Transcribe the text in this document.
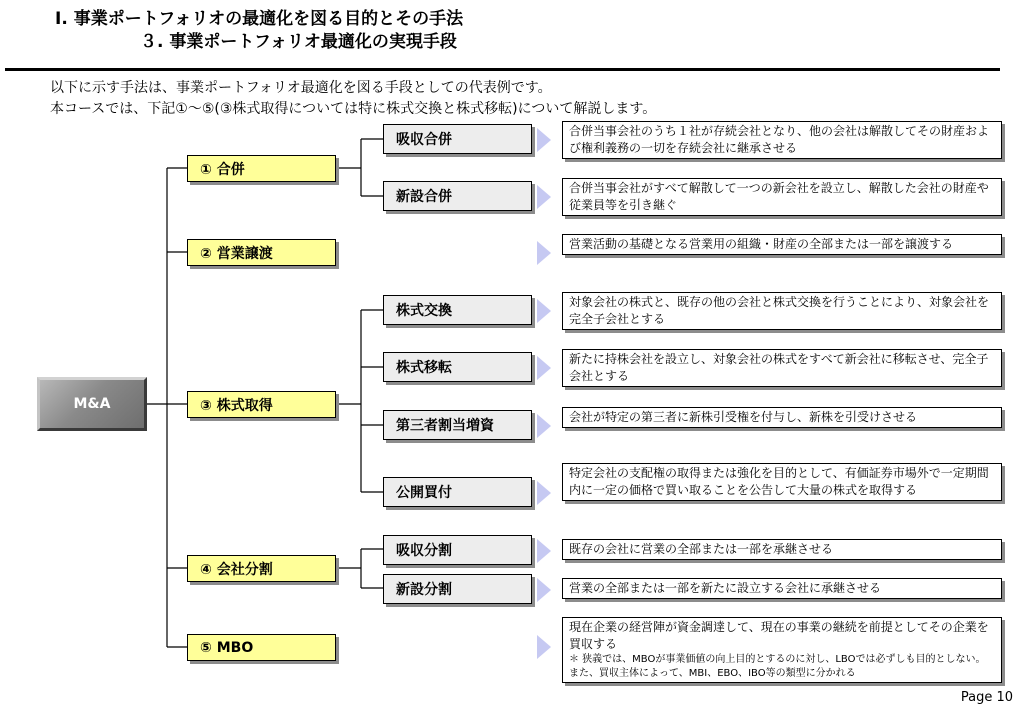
Ⅰ. 事業ポートフォリオの最適化を図る目的とその手法
３. 事業ポートフォリオ最適化の実現手段
以下に示す手法は、事業ポートフォリオ最適化を図る手段としての代表例です。
本コースでは、下記①～⑤(③株式取得については特に株式交換と株式移転)について解説します。
M&A
① 合併
② 営業譲渡
③ 株式取得
④ 会社分割
⑤ MBO
吸収合併
新設合併
株式交換
株式移転
第三者割当増資
公開買付
吸収分割
新設分割
合併当事会社のうち１社が存続会社となり、他の会社は解散してその財産および権利義務の一切を存続会社に継承させる
合併当事会社がすべて解散して一つの新会社を設立し、解散した会社の財産や従業員等を引き継ぐ
営業活動の基礎となる営業用の組織・財産の全部または一部を譲渡する
対象会社の株式と、既存の他の会社と株式交換を行うことにより、対象会社を完全子会社とする
新たに持株会社を設立し、対象会社の株式をすべて新会社に移転させ、完全子会社とする
会社が特定の第三者に新株引受権を付与し、新株を引受けさせる
特定会社の支配権の取得または強化を目的として、有価証券市場外で一定期間内に一定の価格で買い取ることを公告して大量の株式を取得する
既存の会社に営業の全部または一部を承継させる
営業の全部または一部を新たに設立する会社に承継させる
現在企業の経営陣が資金調達して、現在の事業の継続を前提としてその企業を買収する
＊ 狭義では、MBOが事業価値の向上目的とするのに対し、LBOでは必ずしも目的としない。また、買収主体によって、MBI、EBO、IBO等の類型に分かれる
Page 10
